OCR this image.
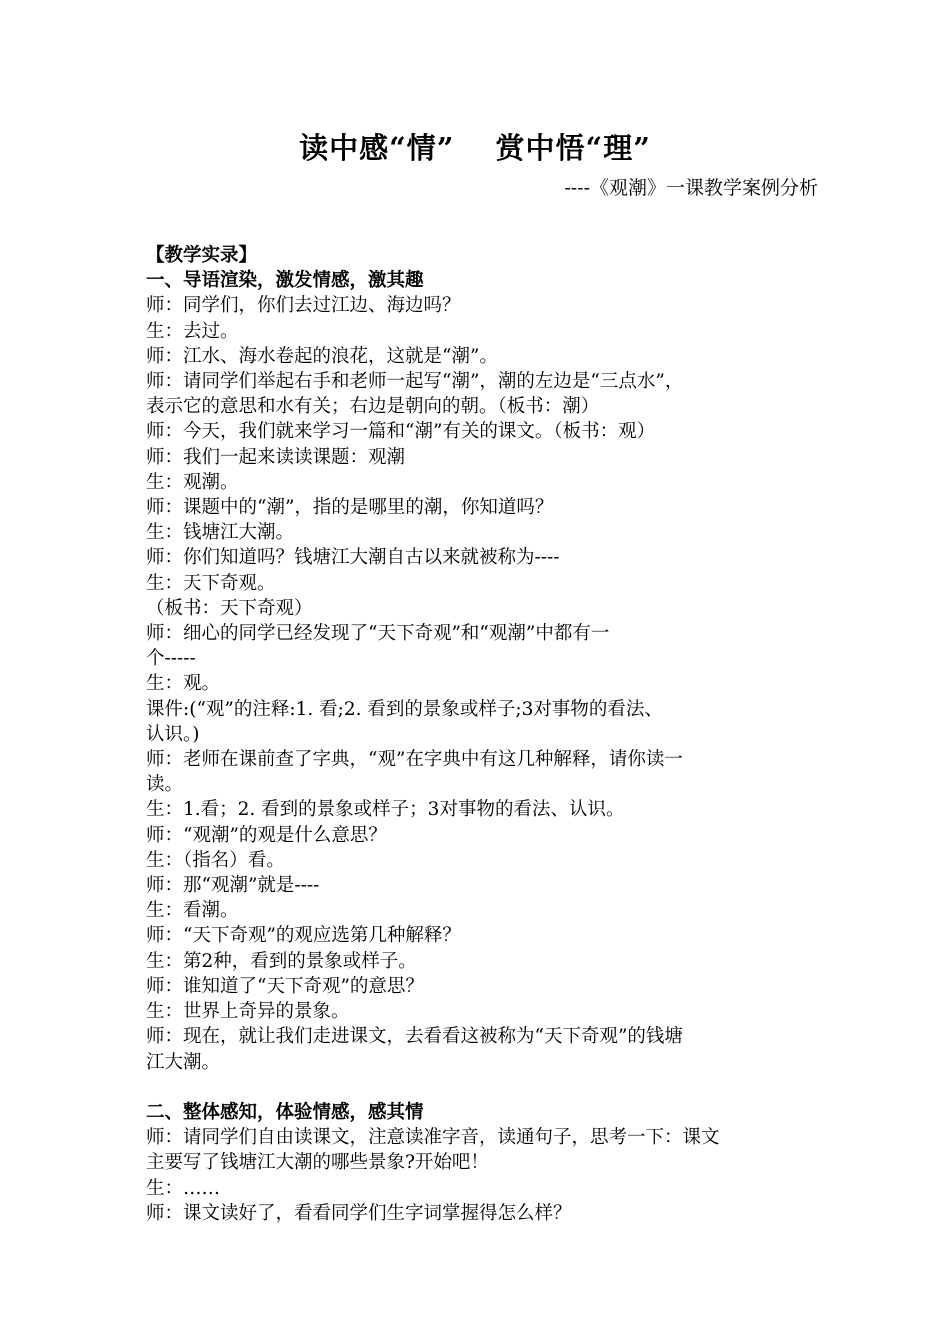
读中感“情”　 赏中悟“理”
----《观潮》一课教学案例分析
【教学实录】
一、导语渲染，激发情感，激其趣
师：同学们，你们去过江边、海边吗？
生：去过。
师：江水、海水卷起的浪花，这就是“潮”。
师：请同学们举起右手和老师一起写“潮”，潮的左边是“三点水”，
表示它的意思和水有关；右边是朝向的朝。（板书：潮）
师：今天，我们就来学习一篇和“潮”有关的课文。（板书：观）
师：我们一起来读读课题：观潮
生：观潮。
师：课题中的“潮”，指的是哪里的潮，你知道吗？
生：钱塘江大潮。
师：你们知道吗？钱塘江大潮自古以来就被称为----
生：天下奇观。
（板书：天下奇观）
师：细心的同学已经发现了“天下奇观”和“观潮”中都有一
个-----
生：观。
课件:(“观”的注释:1. 看;2. 看到的景象或样子;3对事物的看法、
认识。)
师：老师在课前查了字典，“观”在字典中有这几种解释，请你读一
读。
生：1.看；2. 看到的景象或样子；3对事物的看法、认识。
师：“观潮”的观是什么意思？
生：（指名）看。
师：那“观潮”就是----
生：看潮。
师：“天下奇观”的观应选第几种解释？
生：第2种，看到的景象或样子。
师：谁知道了“天下奇观”的意思？
生：世界上奇异的景象。
师：现在，就让我们走进课文，去看看这被称为“天下奇观”的钱塘
江大潮。
二、整体感知，体验情感，感其情
师：请同学们自由读课文，注意读准字音，读通句子，思考一下：课文
主要写了钱塘江大潮的哪些景象?开始吧！
生：……
师：课文读好了，看看同学们生字词掌握得怎么样？
